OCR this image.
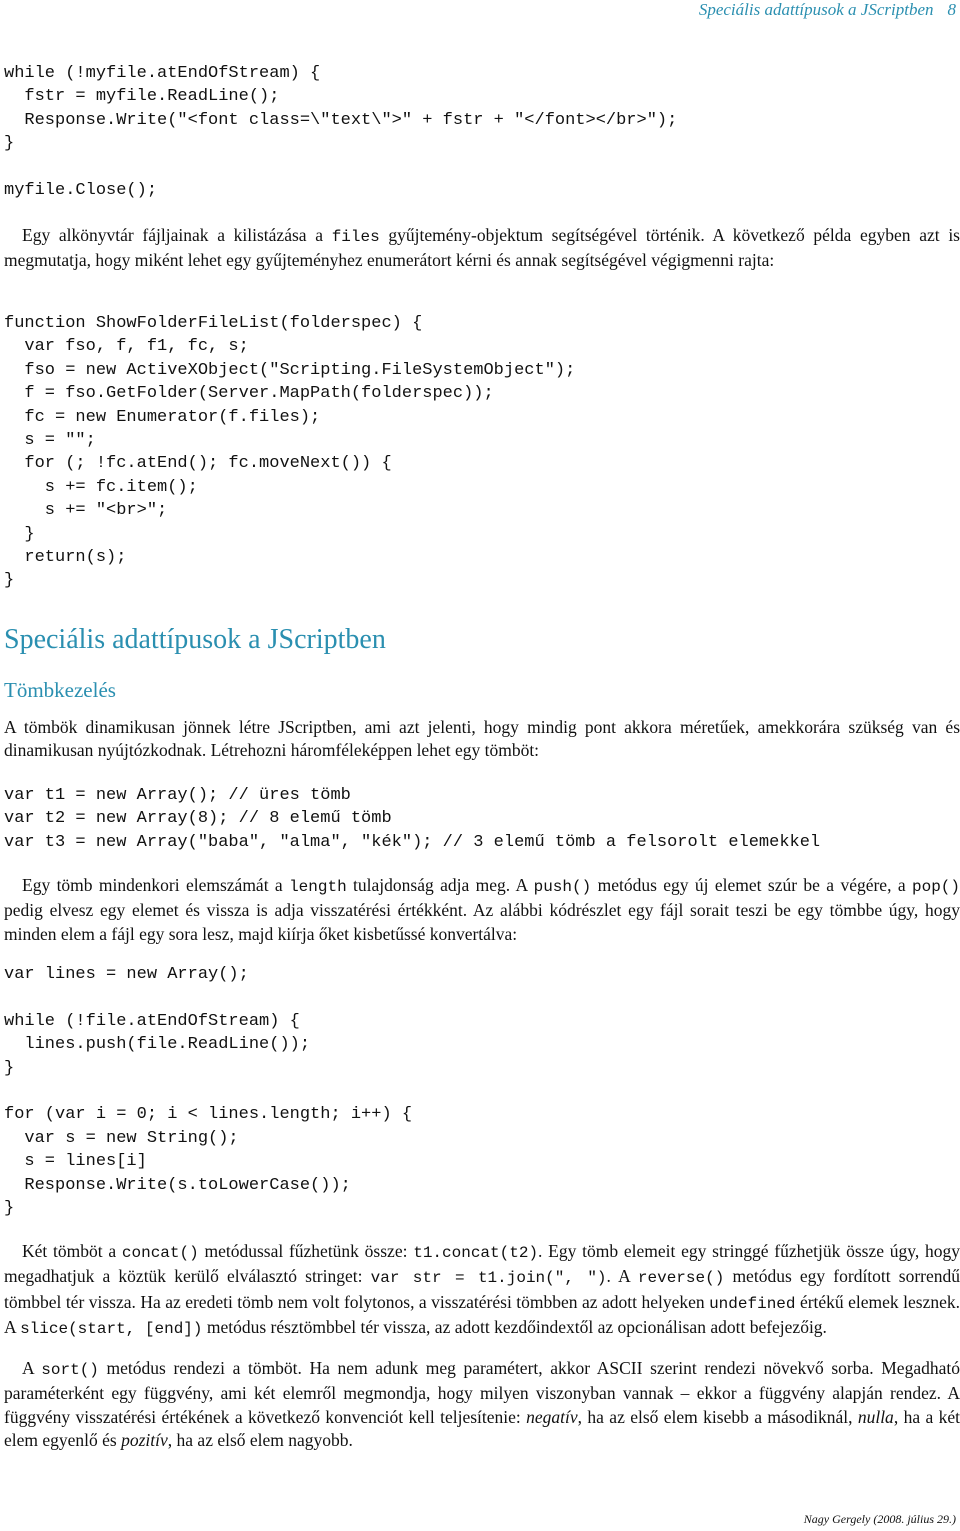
Speciális adattípusok a JScriptben 8
while (!myfile.atEndOfStream) {
fstr = myfile.ReadLine();
Response.Write("<font class=\"text\">" + fstr + "</font></br>");
}

myfile.Close();

Egy alkönyvtár fájljainak a kilistázása a files gyűjtemény-objektum segítségével történik. A következő példa egyben azt is megmutatja, hogy miként lehet egy gyűjteményhez enumerátort kérni és annak segítségével végigmenni rajta:

function ShowFolderFileList(folderspec) {
var fso, f, f1, fc, s;
fso = new ActiveXObject("Scripting.FileSystemObject");
f = fso.GetFolder(Server.MapPath(folderspec));
fc = new Enumerator(f.files);
s = "";
for (; !fc.atEnd(); fc.moveNext()) {
s += fc.item();
s += "<br>";
}
return(s);
}
Speciális adattípusok a JScriptben
Tömbkezelés

A tömbök dinamikusan jönnek létre JScriptben, ami azt jelenti, hogy mindig pont akkora méretűek, amekkorára szükség van és dinamikusan nyújtózkodnak. Létrehozni háromféleképpen lehet egy tömböt:

var t1 = new Array(); // üres tömb
var t2 = new Array(8); // 8 elemű tömb
var t3 = new Array("baba", "alma", "kék"); // 3 elemű tömb a felsorolt elemekkel

Egy tömb mindenkori elemszámát a length tulajdonság adja meg. A push() metódus egy új elemet szúr be a végére, a pop() pedig elvesz egy elemet és vissza is adja visszatérési értékként. Az alábbi kódrészlet egy fájl sorait teszi be egy tömbbe úgy, hogy minden elem a fájl egy sora lesz, majd kiírja őket kisbetűssé konvertálva:

var lines = new Array();

while (!file.atEndOfStream) {
lines.push(file.ReadLine());
}

for (var i = 0; i < lines.length; i++) {
var s = new String();
s = lines[i]
Response.Write(s.toLowerCase());
}

Két tömböt a concat() metódussal fűzhetünk össze: t1.concat(t2). Egy tömb elemeit egy stringgé fűzhetjük össze úgy, hogy megadhatjuk a köztük kerülő elválasztó stringet: var str = t1.join(", "). A reverse() metódus egy fordított sorrendű tömbbel tér vissza. Ha az eredeti tömb nem volt folytonos, a visszatérési tömbben az adott helyeken undefined értékű elemek lesznek. A slice(start, [end]) metódus résztömbbel tér vissza, az adott kezdőindextől az opcionálisan adott befejezőig.

A sort() metódus rendezi a tömböt. Ha nem adunk meg paramétert, akkor ASCII szerint rendezi növekvő sorba. Megadható paraméterként egy függvény, ami két elemről megmondja, hogy milyen viszonyban vannak – ekkor a függvény alapján rendez. A függvény visszatérési értékének a következő konvenciót kell teljesítenie: negatív, ha az első elem kisebb a másodiknál, nulla, ha a két elem egyenlő és pozitív, ha az első elem nagyobb.

Nagy Gergely (2008. július 29.)
